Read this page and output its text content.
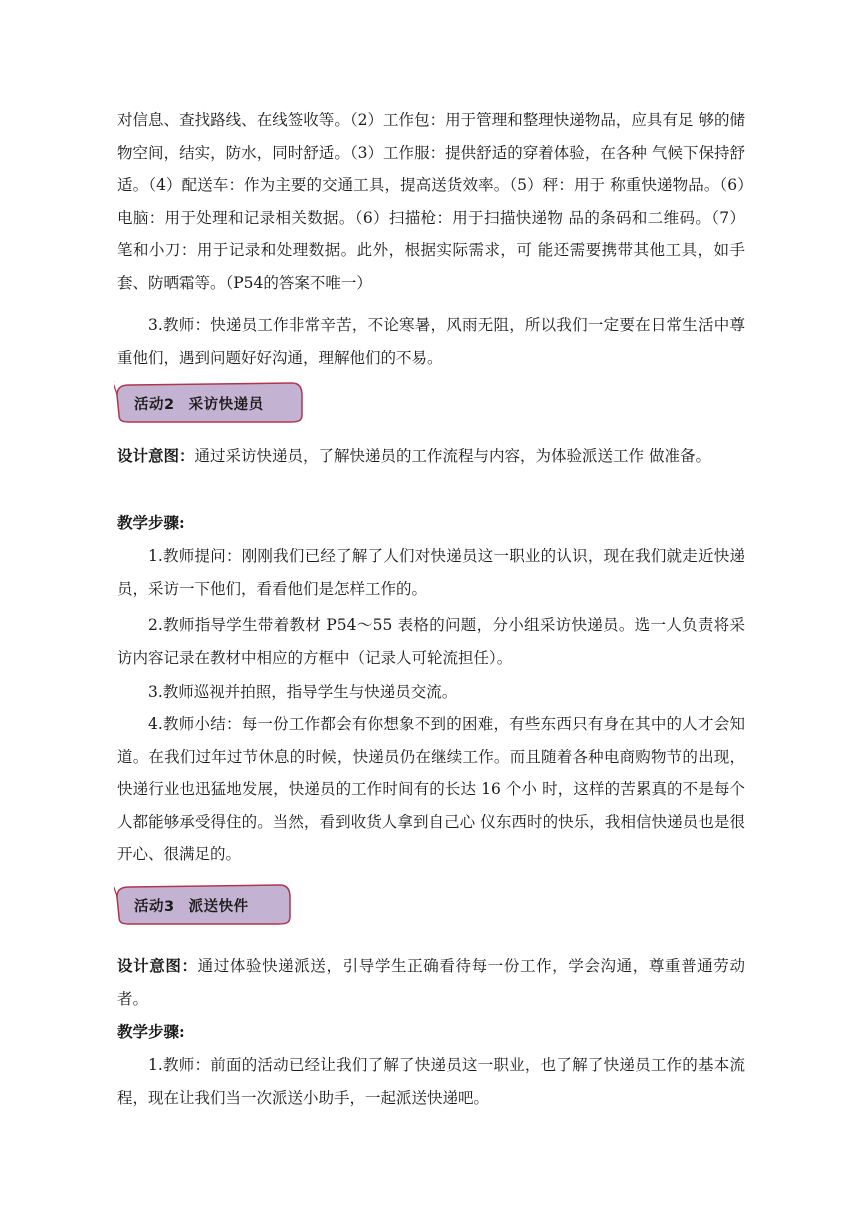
对信息、查找路线、在线签收等。（2）工作包：用于管理和整理快递物品，应具有足 够的储物空间，结实，防水，同时舒适。（3）工作服：提供舒适的穿着体验，在各种 气候下保持舒适。（4）配送车：作为主要的交通工具，提高送货效率。（5）秤：用于 称重快递物品。（6）电脑：用于处理和记录相关数据。（6）扫描枪：用于扫描快递物 品的条码和二维码。（7）笔和小刀：用于记录和处理数据。此外，根据实际需求，可 能还需要携带其他工具，如手套、防晒霜等。（P54的答案不唯一）

3.教师：快递员工作非常辛苦，不论寒暑，风雨无阻，所以我们一定要在日常生活中尊重他们，遇到问题好好沟通，理解他们的不易。

活动2 采访快递员

设计意图：通过采访快递员，了解快递员的工作流程与内容，为体验派送工作 做准备。

教学步骤:

1.教师提问：刚刚我们已经了解了人们对快递员这一职业的认识，现在我们就走近快递员，采访一下他们，看看他们是怎样工作的。

2.教师指导学生带着教材 P54～55 表格的问题，分小组采访快递员。选一人负责将采访内容记录在教材中相应的方框中（记录人可轮流担任）。

3.教师巡视并拍照，指导学生与快递员交流。

4.教师小结：每一份工作都会有你想象不到的困难，有些东西只有身在其中的人才会知道。在我们过年过节休息的时候，快递员仍在继续工作。而且随着各种电商购物节的出现，快递行业也迅猛地发展，快递员的工作时间有的长达 16 个小 时，这样的苦累真的不是每个人都能够承受得住的。当然，看到收货人拿到自己心 仪东西时的快乐，我相信快递员也是很开心、很满足的。

活动3 派送快件

设计意图：通过体验快递派送，引导学生正确看待每一份工作，学会沟通，尊重普通劳动者。

教学步骤:

1.教师：前面的活动已经让我们了解了快递员这一职业，也了解了快递员工作的基本流程，现在让我们当一次派送小助手，一起派送快递吧。
